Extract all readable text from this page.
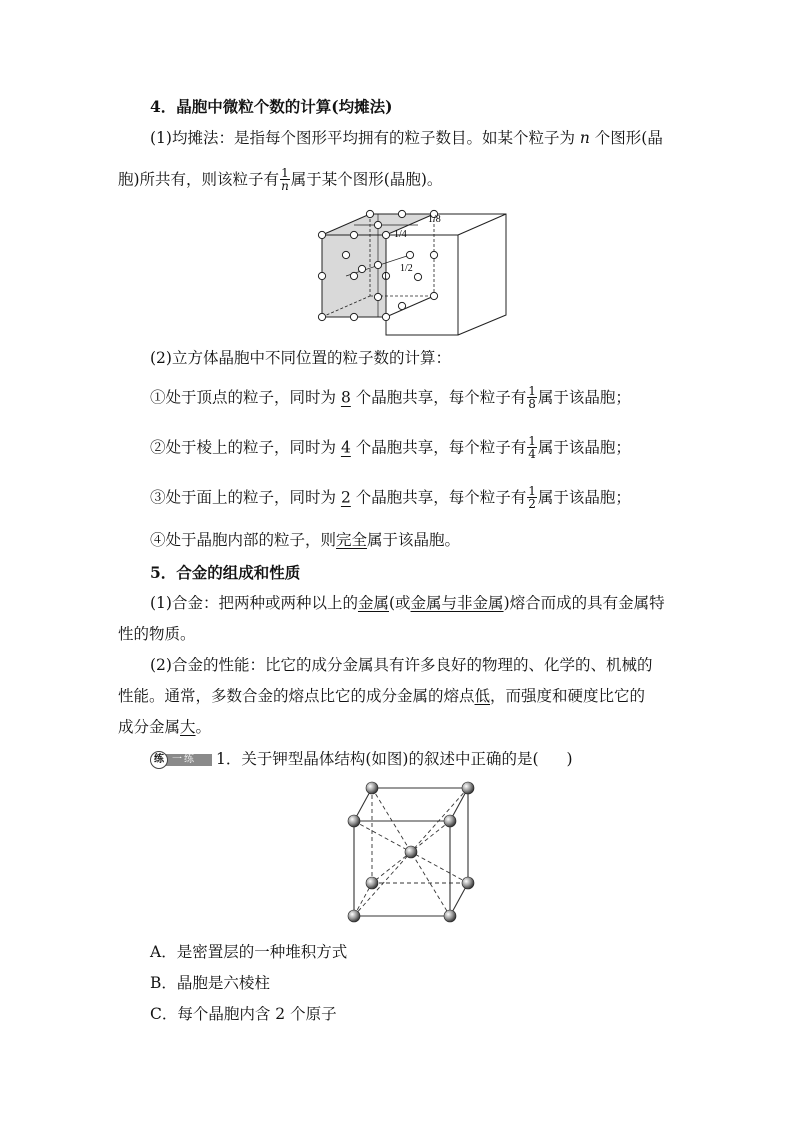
4．晶胞中微粒个数的计算(均摊法)
(1)均摊法：是指每个图形平均拥有的粒子数目。如某个粒子为 n 个图形(晶
胞)所共有，则该粒子有 $\frac{1}{n}$ 属于某个图形(晶胞)。
1/8
1/4
1/2
1
(2)立方体晶胞中不同位置的粒子数的计算：
①处于顶点的粒子，同时为 8 个晶胞共享，每个粒子有 $\frac{1}{8}$ 属于该晶胞；
②处于棱上的粒子，同时为 4 个晶胞共享，每个粒子有 $\frac{1}{4}$ 属于该晶胞；
③处于面上的粒子，同时为 2 个晶胞共享，每个粒子有 $\frac{1}{2}$ 属于该晶胞；
④处于晶胞内部的粒子，则完全属于该晶胞。
5．合金的组成和性质
(1)合金：把两种或两种以上的金属(或金属与非金属)熔合而成的具有金属特
性的物质。
(2)合金的性能：比它的成分金属具有许多良好的物理的、化学的、机械的
性能。通常，多数合金的熔点比它的成分金属的熔点低，而强度和硬度比它的
成分金属大。
练 一练	1．关于钾型晶体结构(如图)的叙述中正确的是( )
A．是密置层的一种堆积方式
B．晶胞是六棱柱
C．每个晶胞内含 2 个原子
